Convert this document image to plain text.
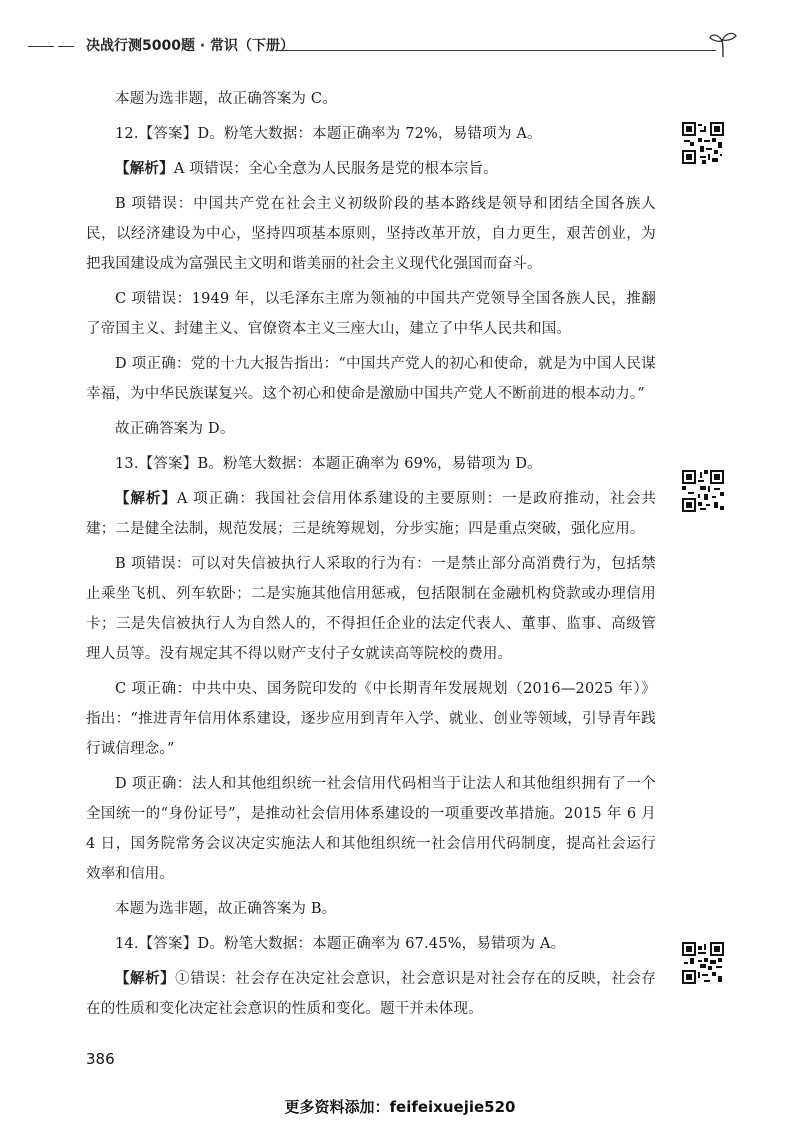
决战行测5000题 · 常识（下册）

本题为选非题，故正确答案为 C。

12.【答案】D。粉笔大数据：本题正确率为 72%，易错项为 A。

【解析】A 项错误：全心全意为人民服务是党的根本宗旨。

B 项错误：中国共产党在社会主义初级阶段的基本路线是领导和团结全国各族人民，以经济建设为中心，坚持四项基本原则，坚持改革开放，自力更生，艰苦创业，为把我国建设成为富强民主文明和谐美丽的社会主义现代化强国而奋斗。

C 项错误：1949 年，以毛泽东主席为领袖的中国共产党领导全国各族人民，推翻了帝国主义、封建主义、官僚资本主义三座大山，建立了中华人民共和国。

D 项正确：党的十九大报告指出：“中国共产党人的初心和使命，就是为中国人民谋幸福，为中华民族谋复兴。这个初心和使命是激励中国共产党人不断前进的根本动力。”

故正确答案为 D。

13.【答案】B。粉笔大数据：本题正确率为 69%，易错项为 D。

【解析】A 项正确：我国社会信用体系建设的主要原则：一是政府推动，社会共建；二是健全法制，规范发展；三是统筹规划，分步实施；四是重点突破，强化应用。

B 项错误：可以对失信被执行人采取的行为有：一是禁止部分高消费行为，包括禁止乘坐飞机、列车软卧；二是实施其他信用惩戒，包括限制在金融机构贷款或办理信用卡；三是失信被执行人为自然人的，不得担任企业的法定代表人、董事、监事、高级管理人员等。没有规定其不得以财产支付子女就读高等院校的费用。

C 项正确：中共中央、国务院印发的《中长期青年发展规划（2016—2025 年）》指出：“推进青年信用体系建设，逐步应用到青年入学、就业、创业等领域，引导青年践行诚信理念。”

D 项正确：法人和其他组织统一社会信用代码相当于让法人和其他组织拥有了一个全国统一的“身份证号”，是推动社会信用体系建设的一项重要改革措施。2015 年 6 月 4 日，国务院常务会议决定实施法人和其他组织统一社会信用代码制度，提高社会运行效率和信用。

本题为选非题，故正确答案为 B。

14.【答案】D。粉笔大数据：本题正确率为 67.45%，易错项为 A。

【解析】①错误：社会存在决定社会意识，社会意识是对社会存在的反映，社会存在的性质和变化决定社会意识的性质和变化。题干并未体现。

386
更多资料添加：feifeixuejie520
